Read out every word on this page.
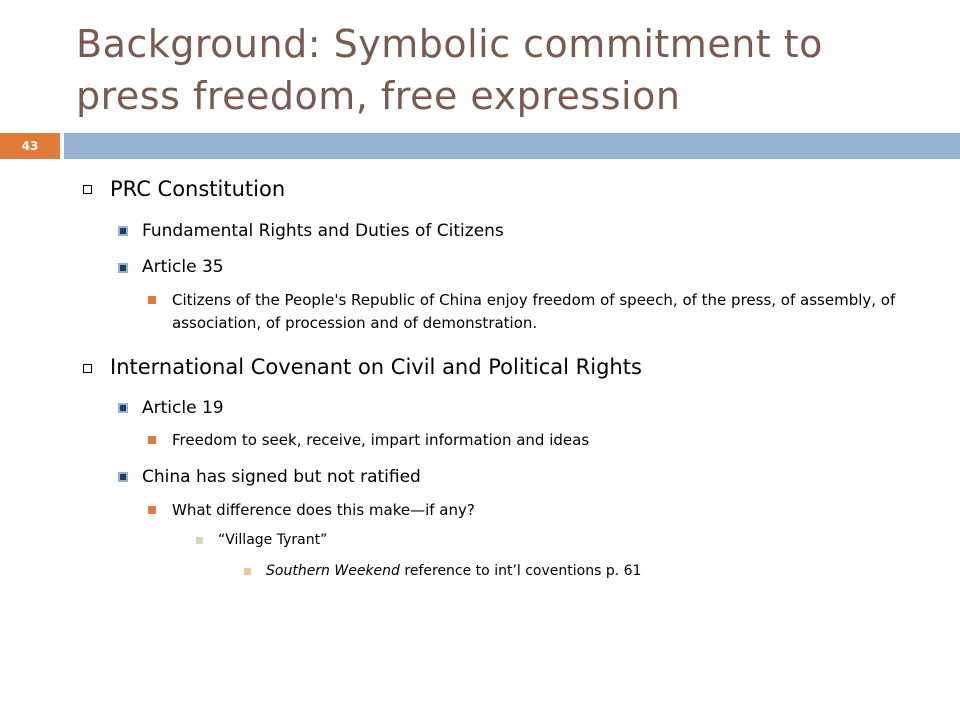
Background: Symbolic commitment to press freedom, free expression
43
PRC Constitution
Fundamental Rights and Duties of Citizens
Article 35
Citizens of the People's Republic of China enjoy freedom of speech, of the press, of assembly, of association, of procession and of demonstration.
International Covenant on Civil and Political Rights
Article 19
Freedom to seek, receive, impart information and ideas
China has signed but not ratified
What difference does this make—if any?
“Village Tyrant”
Southern Weekend reference to int’l coventions p. 61
